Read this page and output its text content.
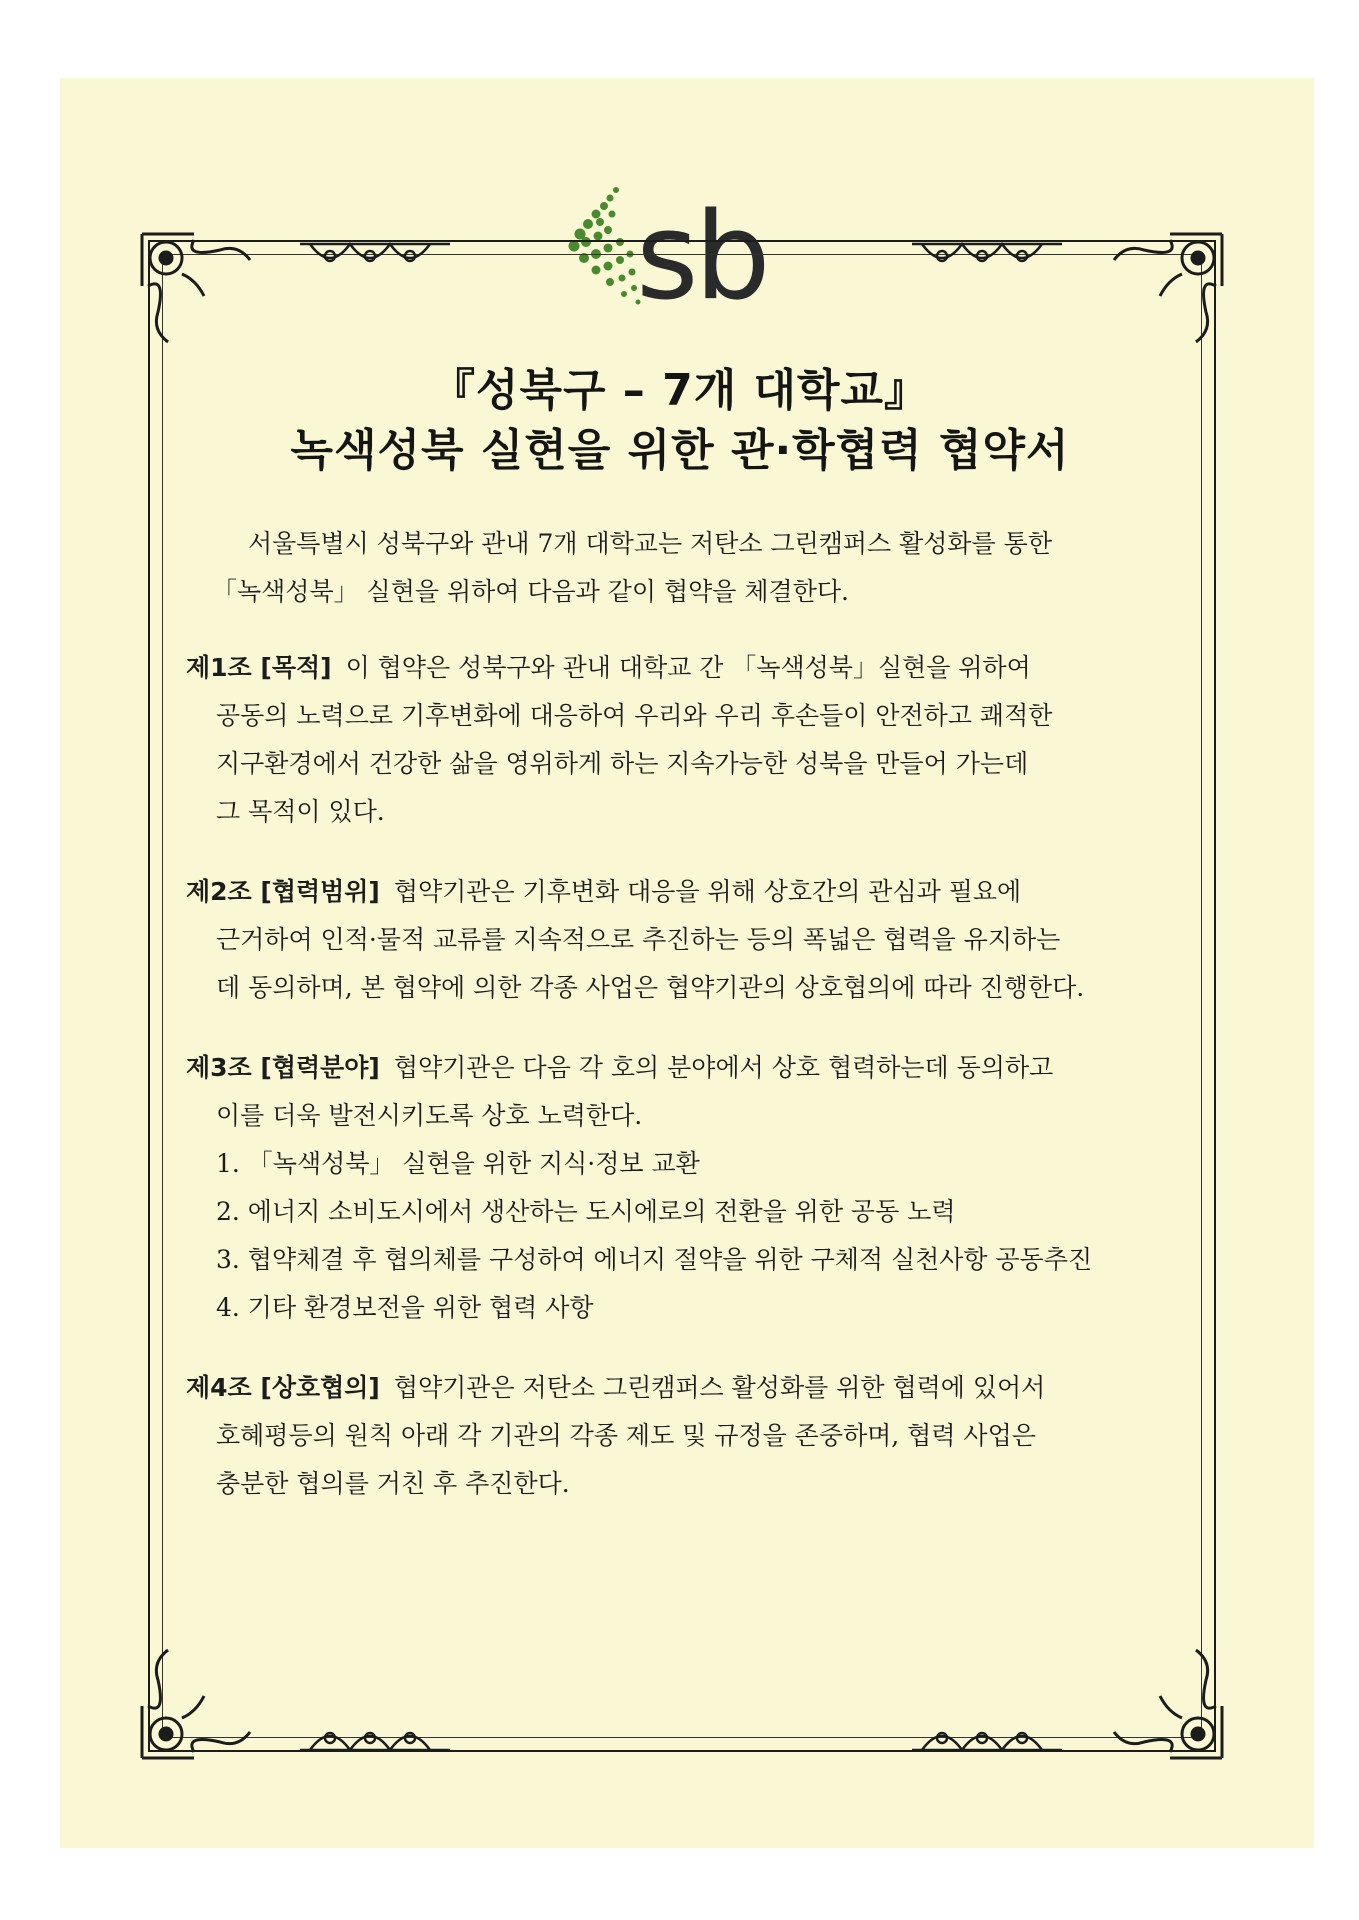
sb
『성북구 – 7개 대학교』
녹색성북 실현을 위한 관·학협력 협약서
서울특별시 성북구와 관내 7개 대학교는 저탄소 그린캠퍼스 활성화를 통한
「녹색성북」 실현을 위하여 다음과 같이 협약을 체결한다.
제1조 [목적] 이 협약은 성북구와 관내 대학교 간 「녹색성북」실현을 위하여
공동의 노력으로 기후변화에 대응하여 우리와 우리 후손들이 안전하고 쾌적한
지구환경에서 건강한 삶을 영위하게 하는 지속가능한 성북을 만들어 가는데
그 목적이 있다.
제2조 [협력범위] 협약기관은 기후변화 대응을 위해 상호간의 관심과 필요에
근거하여 인적·물적 교류를 지속적으로 추진하는 등의 폭넓은 협력을 유지하는
데 동의하며, 본 협약에 의한 각종 사업은 협약기관의 상호협의에 따라 진행한다.
제3조 [협력분야] 협약기관은 다음 각 호의 분야에서 상호 협력하는데 동의하고
이를 더욱 발전시키도록 상호 노력한다.
1. 「녹색성북」 실현을 위한 지식·정보 교환
2. 에너지 소비도시에서 생산하는 도시에로의 전환을 위한 공동 노력
3. 협약체결 후 협의체를 구성하여 에너지 절약을 위한 구체적 실천사항 공동추진
4. 기타 환경보전을 위한 협력 사항
제4조 [상호협의] 협약기관은 저탄소 그린캠퍼스 활성화를 위한 협력에 있어서
호혜평등의 원칙 아래 각 기관의 각종 제도 및 규정을 존중하며, 협력 사업은
충분한 협의를 거친 후 추진한다.
